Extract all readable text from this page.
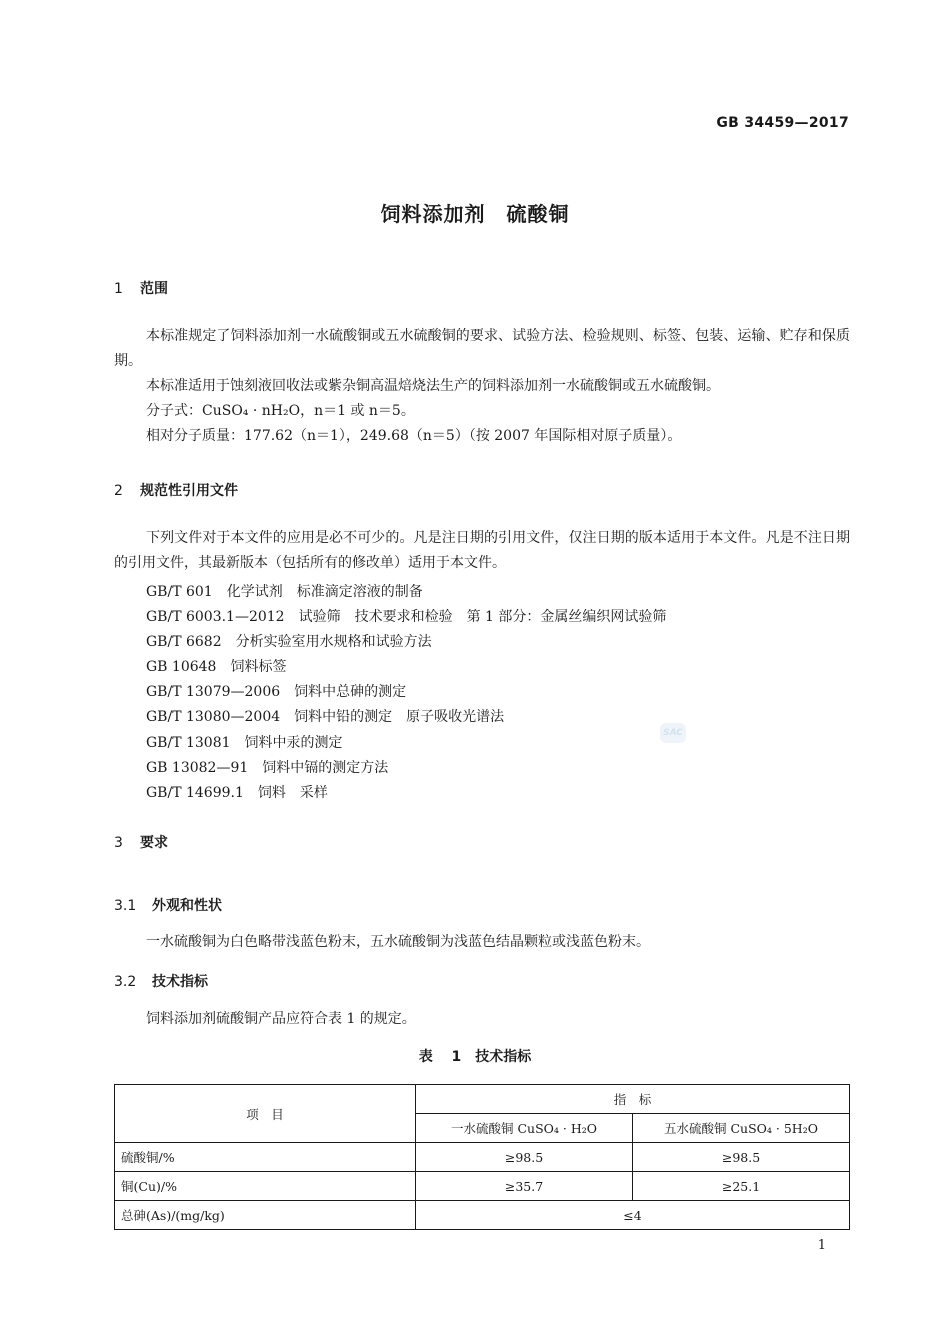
GB 34459—2017
饲料添加剂　硫酸铜
1 范围
本标准规定了饲料添加剂一水硫酸铜或五水硫酸铜的要求、试验方法、检验规则、标签、包装、运输、贮存和保质期。
本标准适用于蚀刻液回收法或紫杂铜高温焙烧法生产的饲料添加剂一水硫酸铜或五水硫酸铜。
分子式：CuSO₄ · nH₂O，n＝1 或 n＝5。
相对分子质量：177.62（n＝1），249.68（n＝5）（按 2007 年国际相对原子质量）。
2 规范性引用文件
下列文件对于本文件的应用是必不可少的。凡是注日期的引用文件，仅注日期的版本适用于本文件。凡是不注日期的引用文件，其最新版本（包括所有的修改单）适用于本文件。
GB/T 601　 化学试剂　标准滴定溶液的制备
GB/T 6003.1—2012　 试验筛　技术要求和检验　第 1 部分：金属丝编织网试验筛
GB/T 6682　 分析实验室用水规格和试验方法
GB 10648　 饲料标签
GB/T 13079—2006　 饲料中总砷的测定
GB/T 13080—2004　 饲料中铅的测定　原子吸收光谱法
GB/T 13081　 饲料中汞的测定
GB 13082—91　 饲料中镉的测定方法
GB/T 14699.1　 饲料　采样
SAC
3 要求
3.1 外观和性状
一水硫酸铜为白色略带浅蓝色粉末，五水硫酸铜为浅蓝色结晶颗粒或浅蓝色粉末。
3.2 技术指标
饲料添加剂硫酸铜产品应符合表 1 的规定。
表 1　技术指标
项　目	指　标	
	一水硫酸铜 CuSO₄ · H₂O	五水硫酸铜 CuSO₄ · 5H₂O
硫酸铜/%	≥98.5	≥98.5
铜(Cu)/%	≥35.7	≥25.1
总砷(As)/(mg/kg)	≤4	
1
